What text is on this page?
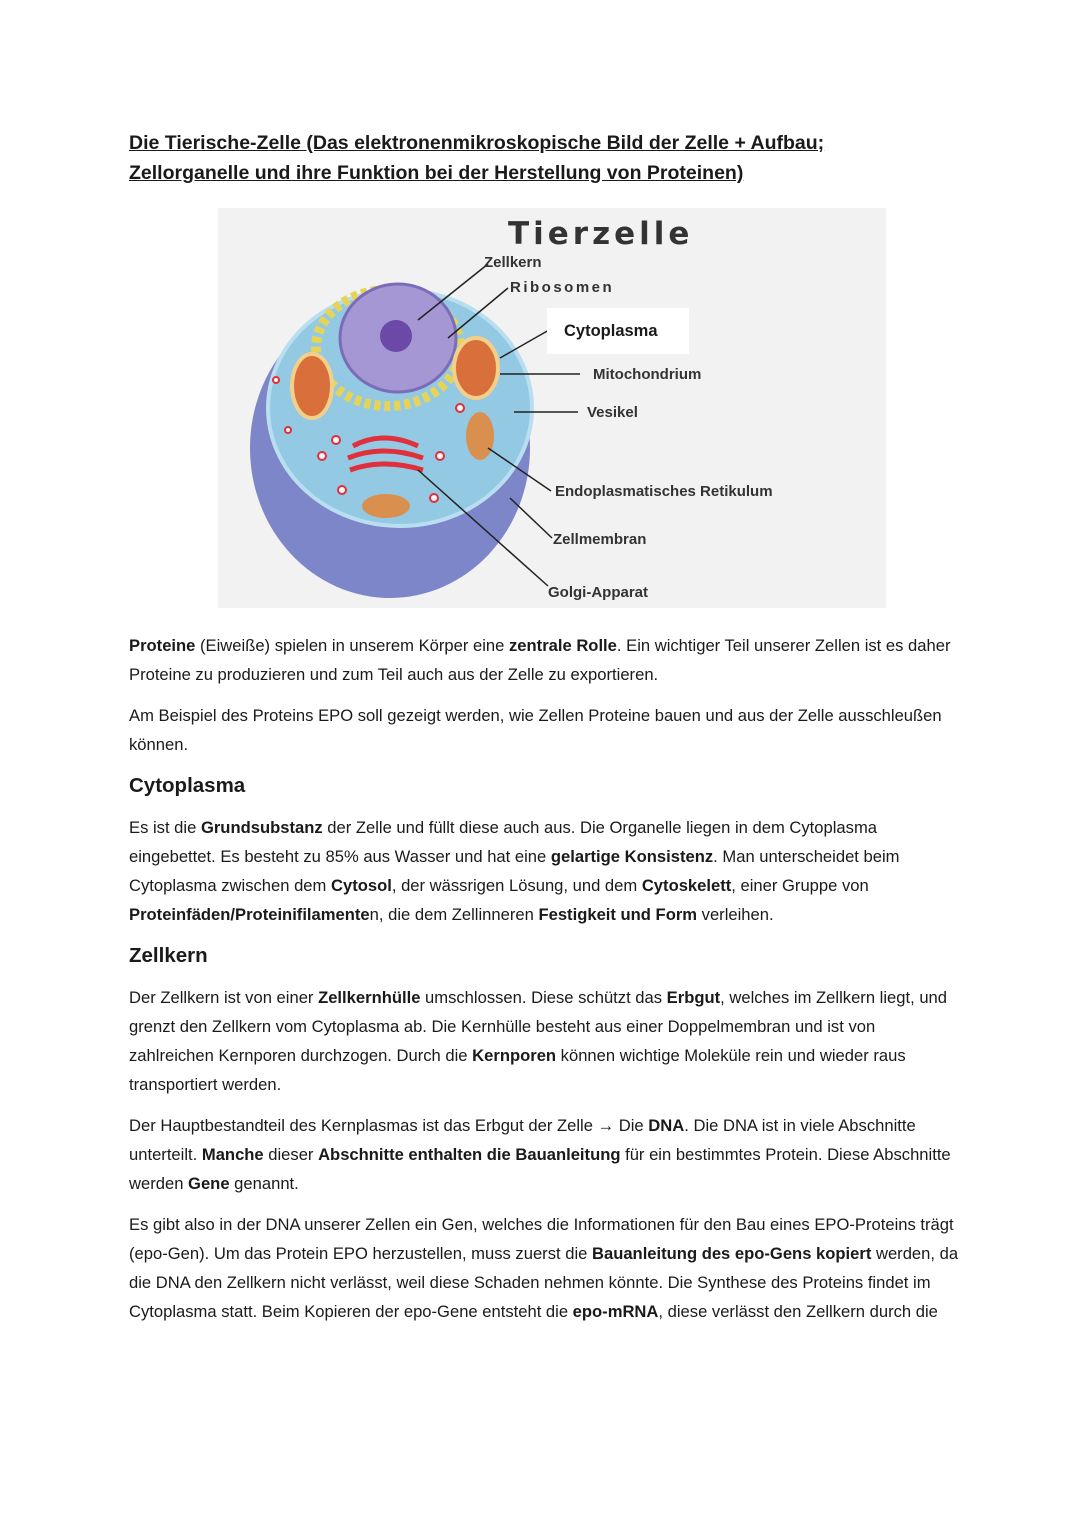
Die Tierische-Zelle (Das elektronenmikroskopische Bild der Zelle + Aufbau;
Zellorganelle und ihre Funktion bei der Herstellung von Proteinen)
Tierzelle
Zellkern
Ribosomen
Cytoplasma
Mitochondrium
Vesikel
Endoplasmatisches Retikulum
Zellmembran
Golgi-Apparat

Proteine (Eiweiße) spielen in unserem Körper eine zentrale Rolle. Ein wichtiger Teil unserer Zellen ist es daher Proteine zu produzieren und zum Teil auch aus der Zelle zu exportieren.

Am Beispiel des Proteins EPO soll gezeigt werden, wie Zellen Proteine bauen und aus der Zelle ausschleußen können.

Cytoplasma

Es ist die Grundsubstanz der Zelle und füllt diese auch aus. Die Organelle liegen in dem Cytoplasma eingebettet. Es besteht zu 85% aus Wasser und hat eine gelartige Konsistenz. Man unterscheidet beim Cytoplasma zwischen dem Cytosol, der wässrigen Lösung, und dem Cytoskelett, einer Gruppe von Proteinfäden/Proteinifilamenten, die dem Zellinneren Festigkeit und Form verleihen.

Zellkern

Der Zellkern ist von einer Zellkernhülle umschlossen. Diese schützt das Erbgut, welches im Zellkern liegt, und grenzt den Zellkern vom Cytoplasma ab. Die Kernhülle besteht aus einer Doppelmembran und ist von zahlreichen Kernporen durchzogen. Durch die Kernporen können wichtige Moleküle rein und wieder raus transportiert werden.

Der Hauptbestandteil des Kernplasmas ist das Erbgut der Zelle → Die DNA. Die DNA ist in viele Abschnitte unterteilt. Manche dieser Abschnitte enthalten die Bauanleitung für ein bestimmtes Protein. Diese Abschnitte werden Gene genannt.

Es gibt also in der DNA unserer Zellen ein Gen, welches die Informationen für den Bau eines EPO-Proteins trägt (epo-Gen). Um das Protein EPO herzustellen, muss zuerst die Bauanleitung des epo-Gens kopiert werden, da die DNA den Zellkern nicht verlässt, weil diese Schaden nehmen könnte. Die Synthese des Proteins findet im Cytoplasma statt. Beim Kopieren der epo-Gene entsteht die epo-mRNA, diese verlässt den Zellkern durch die
